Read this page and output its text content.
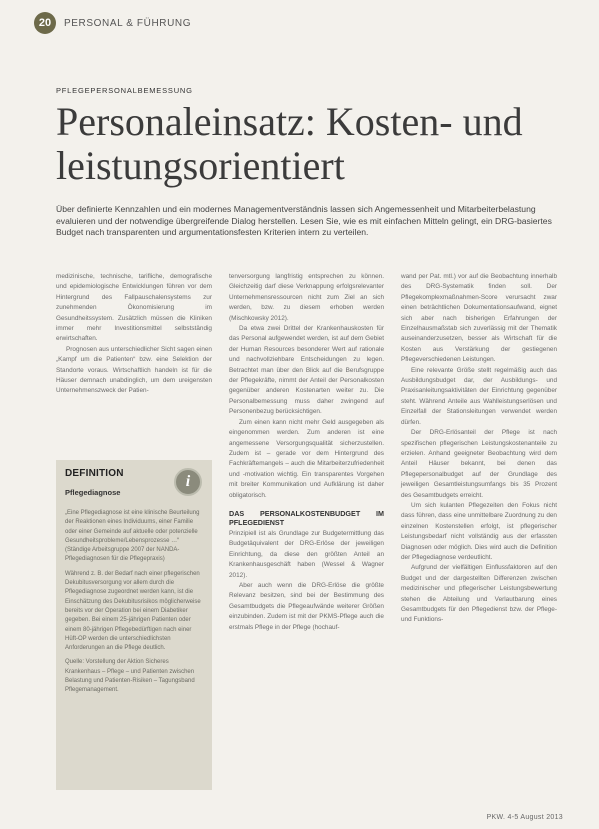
20	PERSONAL & FÜHRUNG
PFLEGEPERSONALBEMESSUNG
Personaleinsatz: Kosten- und leistungsorientiert

Über definierte Kennzahlen und ein modernes Managementverständnis lassen sich Angemessenheit und Mitarbeiterbelastung evaluieren und der notwendige übergreifende Dialog herstellen. Lesen Sie, wie es mit einfachen Mitteln gelingt, ein DRG-basiertes Budget nach transparenten und argumentationsfesten Kriterien intern zu verteilen.

medizinische, technische, tarifliche, demografische und epidemiologische Entwicklungen führen vor dem Hintergrund des Fallpauschalensystems zur zunehmenden Ökonomisierung im Gesundheitssystem. Zusätzlich müssen die Kliniken immer mehr Investitionsmittel selbstständig erwirtschaften.

Prognosen aus unterschiedlicher Sicht sagen einen „Kampf um die Patienten“ bzw. eine Selektion der Standorte voraus. Wirtschaftlich handeln ist für die Häuser demnach unabdinglich, um dem ureigensten Unternehmenszweck der Patien-

DEFINITION
Pflegediagnose
i

„Eine Pflegediagnose ist eine klinische Beurteilung der Reaktionen eines Individuums, einer Familie oder einer Gemeinde auf aktuelle oder potenzielle Gesundheitsprobleme/Lebensprozesse …“ (Ständige Arbeitsgruppe 2007 der NANDA-Pflegediagnosen für die Pflegepraxis)

Während z. B. der Bedarf nach einer pflegerischen Dekubitusversorgung vor allem durch die Pflegediagnose zugeordnet werden kann, ist die Einschätzung des Dekubitusrisikos möglicherweise bereits vor der Operation bei einem Diabetiker gegeben. Bei einem 25-jährigen Patienten oder einem 80-jährigen Pflegebedürftigen nach einer Hüft-OP werden die unterschiedlichsten Anforderungen an die Pflege deutlich.

Quelle: Vorstellung der Aktion Sicheres Krankenhaus – Pflege – und Patienten zwischen Belastung und Patienten-Risiken – Tagungsband Pflegemanagement.

tenversorgung langfristig entsprechen zu können. Gleichzeitig darf diese Verknappung erfolgsrelevanter Unternehmensressourcen nicht zum Ziel an sich werden, bzw. zu diesem erhoben werden (Mischkowsky 2012).

Da etwa zwei Drittel der Krankenhauskosten für das Personal aufgewendet werden, ist auf dem Gebiet der Human Resources besonderer Wert auf rationale und nachvollziehbare Entscheidungen zu legen. Betrachtet man über den Blick auf die Berufsgruppe der Pflegekräfte, nimmt der Anteil der Personalkosten gegenüber anderen Kostenarten weiter zu. Die Personalbemessung muss daher zwingend auf Personenbezug berücksichtigen.

Zum einen kann nicht mehr Geld ausgegeben als eingenommen werden. Zum anderen ist eine angemessene Versorgungsqualität sicherzustellen. Zudem ist – gerade vor dem Hintergrund des Fachkräftemangels – auch die Mitarbeiterzufriedenheit und -motivation wichtig. Ein transparentes Vorgehen mit breiter Kommunikation und Aufklärung ist daher obligatorisch.

DAS PERSONALKOSTENBUDGET IM PFLEGEDIENST

Prinzipiell ist als Grundlage zur Budgetermittlung das Budgetäquivalent der DRG-Erlöse der jeweiligen Einrichtung, da diese den größten Anteil an Krankenhausgeschäft haben (Wessel & Wagner 2012).

Aber auch wenn die DRG-Erlöse die größte Relevanz besitzen, sind bei der Bestimmung des Gesamtbudgets die Pflegeaufwände weiterer Größen einzubinden. Zudem ist mit der PKMS-Pflege auch die erstmals Pflege in der Pflege (hochauf-

wand per Pat. mtl.) vor auf die Beobachtung innerhalb des DRG-Systematik finden soll. Der Pflegekomplexmaßnahmen-Score verursacht zwar einen beträchtlichen Dokumentationsaufwand, eignet sich aber nach bisherigen Erfahrungen der Einzelhausmaßstab sich zuverlässig mit der Thematik auseinanderzusetzen, besser als Wirtschaft für die Kosten aus Verstärkung der gestiegenen Pflegeverschiedenen Leistungen.

Eine relevante Größe stellt regelmäßig auch das Ausbildungsbudget dar, der Ausbildungs- und Praxisanleitungsaktivitäten der Einrichtung gegenüber steht. Während Anteile aus Wahlleistungserlösen und Einzelfall der Stationsleitungen verwendet werden dürfen.

Der DRG-Erlösanteil der Pflege ist nach spezifischen pflegerischen Leistungskostenanteile zu erzielen. Anhand geeigneter Beobachtung wird dem Anteil Häuser bekannt, bei denen das Pflegepersonalbudget auf der Grundlage des jeweiligen Gesamtleistungsumfangs bis 35 Prozent des Gesamtbudgets erreicht.

Um sich kulanten Pflegezeiten den Fokus nicht dass führen, dass eine unmittelbare Zuordnung zu den einzelnen Kostenstellen erfolgt, ist pflegerischer Leistungsbedarf nicht vollständig aus der erfassten Diagnosen oder möglich. Dies wird auch die Definition der Pflegediagnose verdeutlicht.

Aufgrund der vielfältigen Einflussfaktoren auf den Budget und der dargestellten Differenzen zwischen medizinischer und pflegerischer Leistungsbewertung stehen die Abteilung und Verlautbarung eines Gesamtbudgets für den Pflegedienst bzw. der Pflege- und Funktions-

PKW. 4-5 August 2013
